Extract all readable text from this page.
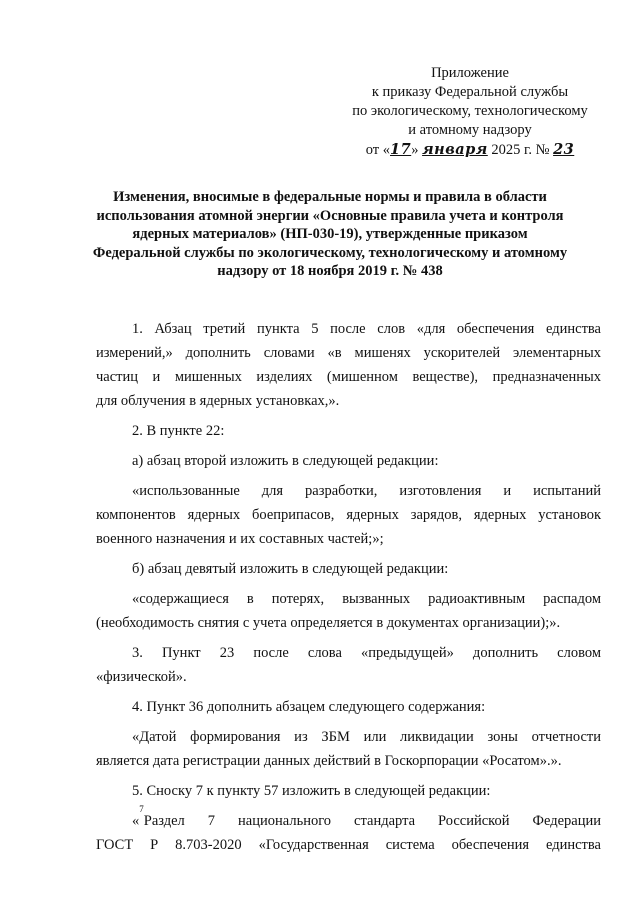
Приложение
к приказу Федеральной службы
по экологическому, технологическому
и атомному надзору
от «17» января 2025 г. № 23
Изменения, вносимые в федеральные нормы и правила в области
использования атомной энергии «Основные правила учета и контроля
ядерных материалов» (НП-030-19), утвержденные приказом
Федеральной службы по экологическому, технологическому и атомному
надзору от 18 ноября 2019 г. № 438
1. Абзац третий пункта 5 после слов «для обеспечения единства
измерений,» дополнить словами «в мишенях ускорителей элементарных
частиц и мишенных изделиях (мишенном веществе), предназначенных
для облучения в ядерных установках,».
2. В пункте 22:
а) абзац второй изложить в следующей редакции:
«использованные для разработки, изготовления и испытаний
компонентов ядерных боеприпасов, ядерных зарядов, ядерных установок
военного назначения и их составных частей;»;
б) абзац девятый изложить в следующей редакции:
«содержащиеся в потерях, вызванных радиоактивным распадом
(необходимость снятия с учета определяется в документах организации);».
3. Пункт 23 после слова «предыдущей» дополнить словом
«физической».
4. Пункт 36 дополнить абзацем следующего содержания:
«Датой формирования из ЗБМ или ликвидации зоны отчетности
является дата регистрации данных действий в Госкорпорации «Росатом».».
5. Сноску 7 к пункту 57 изложить в следующей редакции:
«
7
Раздел 7 национального стандарта Российской Федерации
ГОСТ Р 8.703-2020 «Государственная система обеспечения единства
